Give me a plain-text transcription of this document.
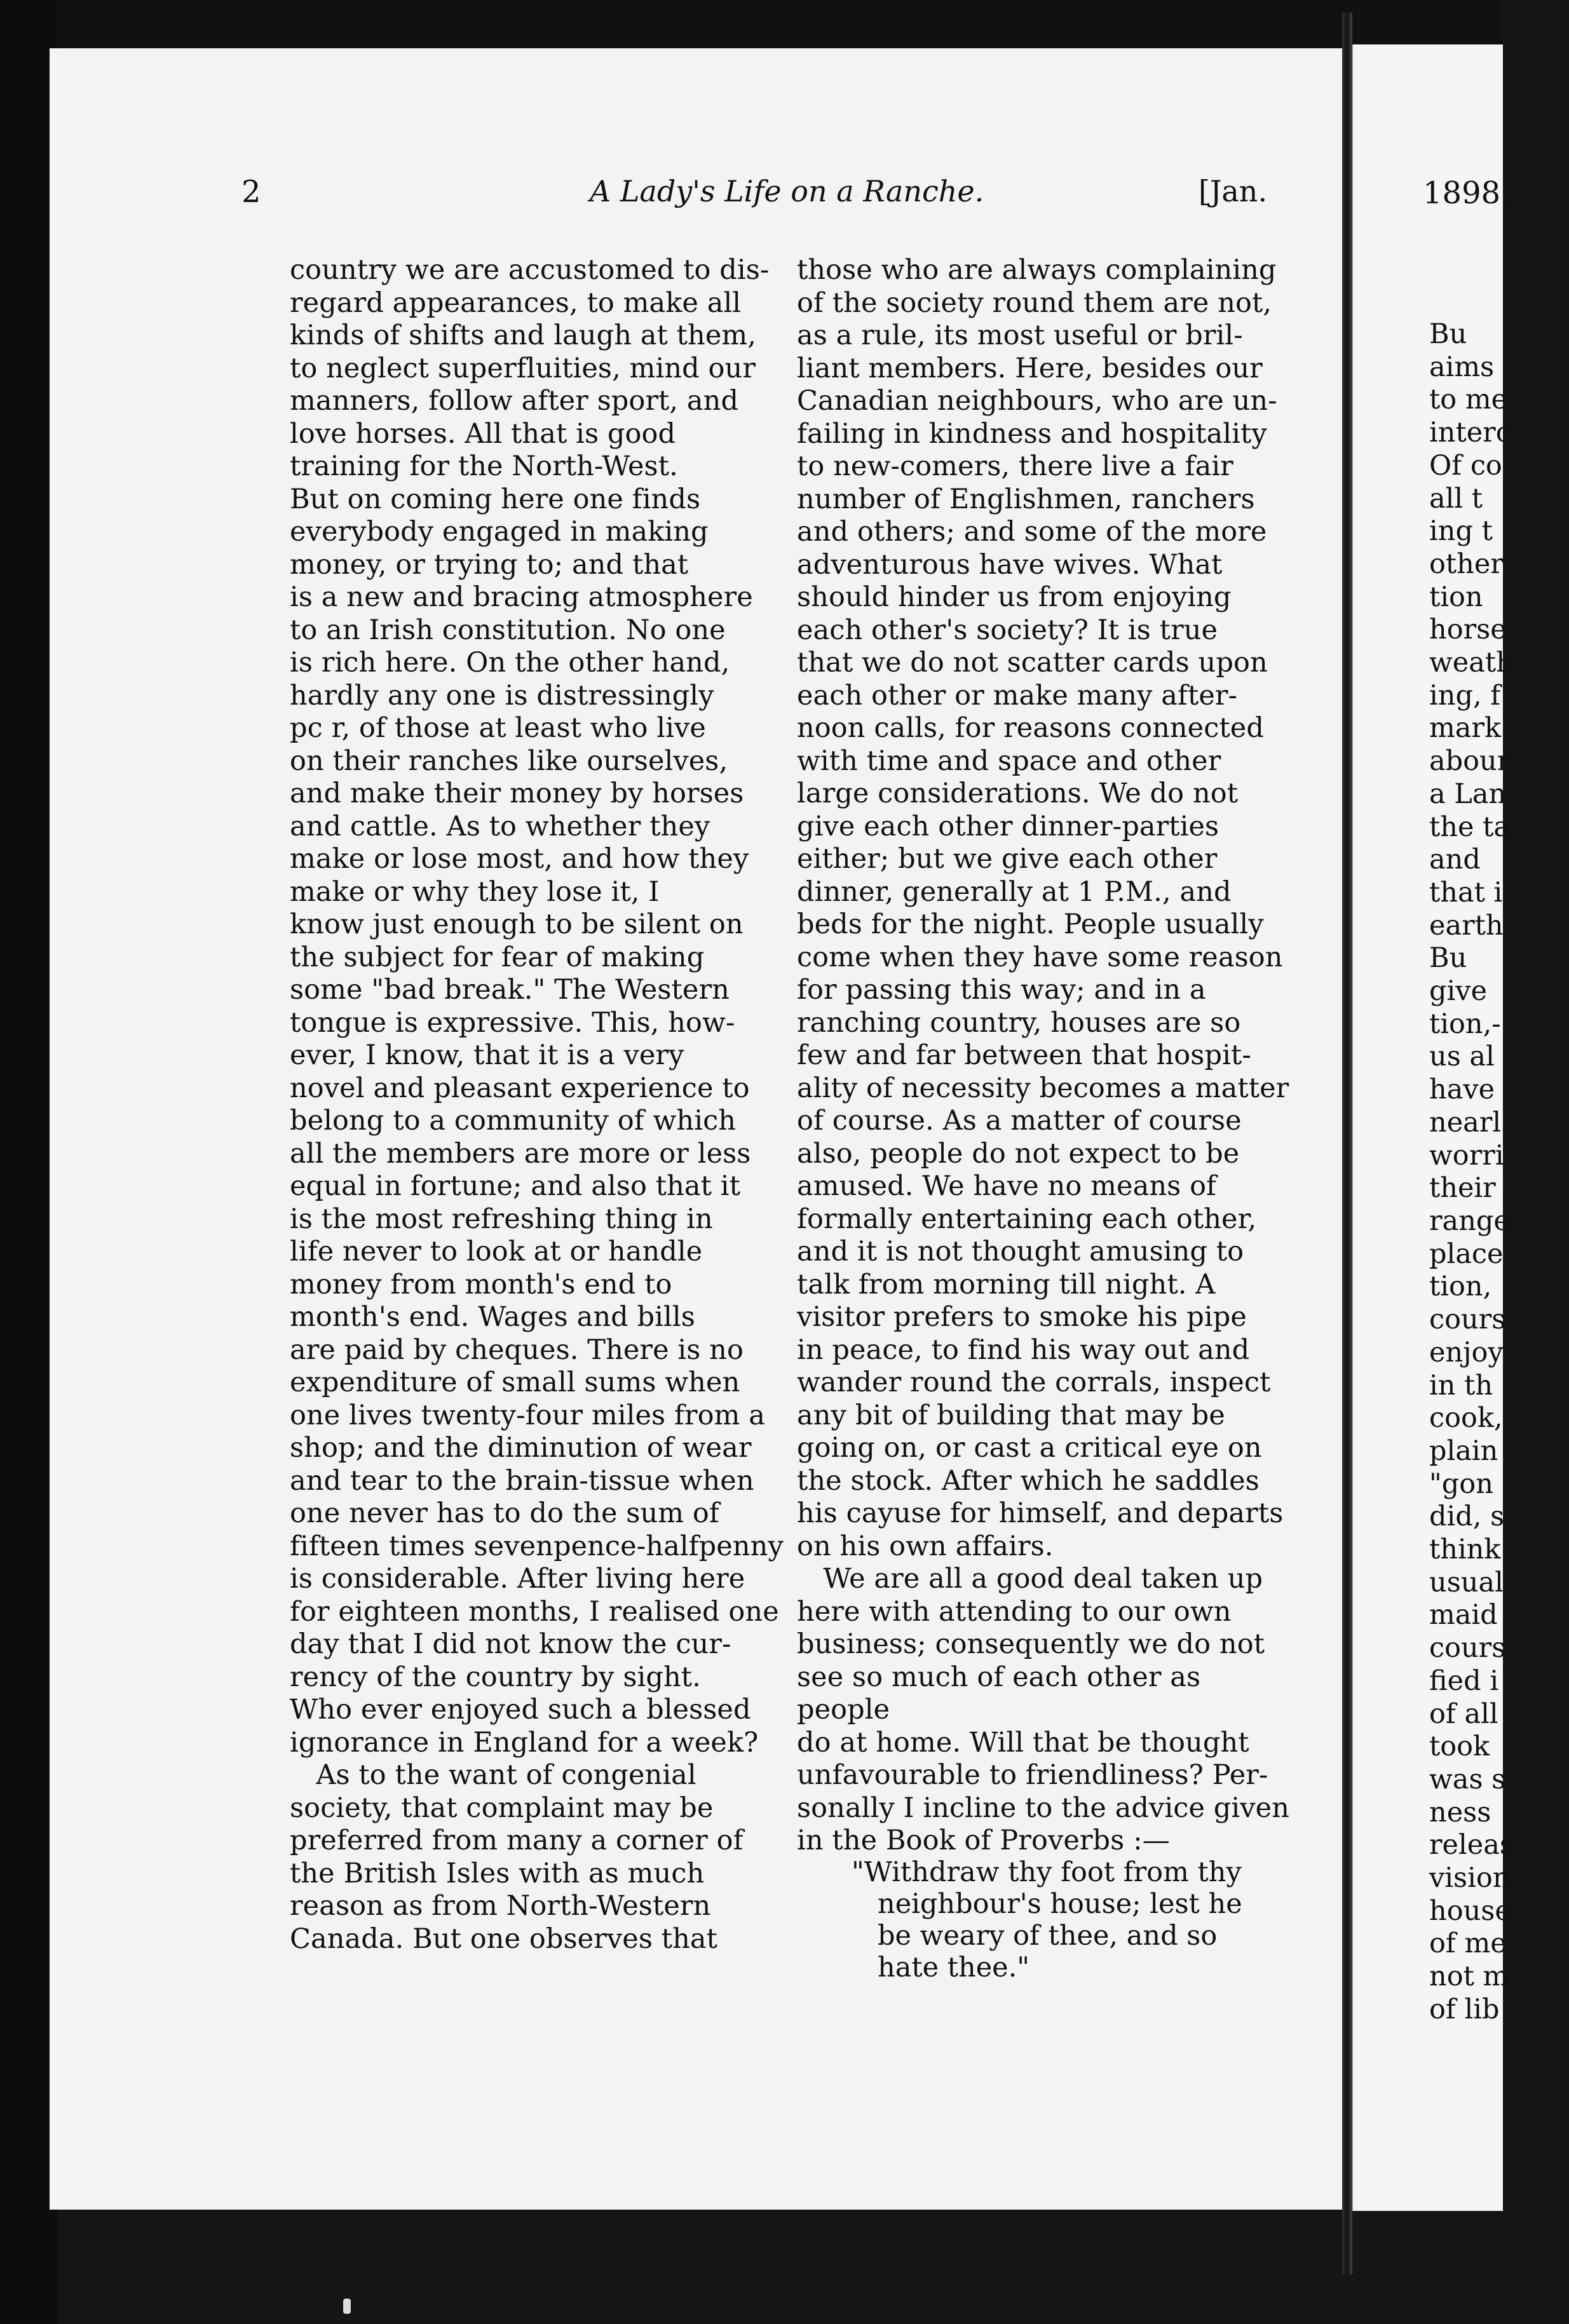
1898.
Bu
aims
to me
interc
Of co
all t
ing t
other
tion
horse
weath
ing, f
mark
abour
a Lan
the ta
and
that i
earth
Bu
give
tion,-
us al
have
nearl
worri
their
range
place
tion,
cours
enjoy
in th
cook,
plain
"gon
did, s
think
usual
maid
cours
fied i
of all
took
was s
ness
releas
vision
house
of me
not m
of lib
2	A Lady's Life on a Ranche.	[Jan.
country we are accustomed to dis-
regard appearances, to make all
kinds of shifts and laugh at them,
to neglect superfluities, mind our
manners, follow after sport, and
love horses. All that is good
training for the North-West.
But on coming here one finds
everybody engaged in making
money, or trying to; and that
is a new and bracing atmosphere
to an Irish constitution. No one
is rich here. On the other hand,
hardly any one is distressingly
pc r, of those at least who live
on their ranches like ourselves,
and make their money by horses
and cattle. As to whether they
make or lose most, and how they
make or why they lose it, I
know just enough to be silent on
the subject for fear of making
some "bad break." The Western
tongue is expressive. This, how-
ever, I know, that it is a very
novel and pleasant experience to
belong to a community of which
all the members are more or less
equal in fortune; and also that it
is the most refreshing thing in
life never to look at or handle
money from month's end to
month's end. Wages and bills
are paid by cheques. There is no
expenditure of small sums when
one lives twenty-four miles from a
shop; and the diminution of wear
and tear to the brain-tissue when
one never has to do the sum of
fifteen times sevenpence-halfpenny
is considerable. After living here
for eighteen months, I realised one
day that I did not know the cur-
rency of the country by sight.
Who ever enjoyed such a blessed
ignorance in England for a week?
As to the want of congenial
society, that complaint may be
preferred from many a corner of
the British Isles with as much
reason as from North-Western
Canada. But one observes that
those who are always complaining
of the society round them are not,
as a rule, its most useful or bril-
liant members. Here, besides our
Canadian neighbours, who are un-
failing in kindness and hospitality
to new-comers, there live a fair
number of Englishmen, ranchers
and others; and some of the more
adventurous have wives. What
should hinder us from enjoying
each other's society? It is true
that we do not scatter cards upon
each other or make many after-
noon calls, for reasons connected
with time and space and other
large considerations. We do not
give each other dinner-parties
either; but we give each other
dinner, generally at 1 P.M., and
beds for the night. People usually
come when they have some reason
for passing this way; and in a
ranching country, houses are so
few and far between that hospit-
ality of necessity becomes a matter
of course. As a matter of course
also, people do not expect to be
amused. We have no means of
formally entertaining each other,
and it is not thought amusing to
talk from morning till night. A
visitor prefers to smoke his pipe
in peace, to find his way out and
wander round the corrals, inspect
any bit of building that may be
going on, or cast a critical eye on
the stock. After which he saddles
his cayuse for himself, and departs
on his own affairs.
We are all a good deal taken up
here with attending to our own
business; consequently we do not
see so much of each other as people
do at home. Will that be thought
unfavourable to friendliness? Per-
sonally I incline to the advice given
in the Book of Proverbs :—
"Withdraw thy foot from thy
neighbour's house; lest he
be weary of thee, and so
hate thee."
